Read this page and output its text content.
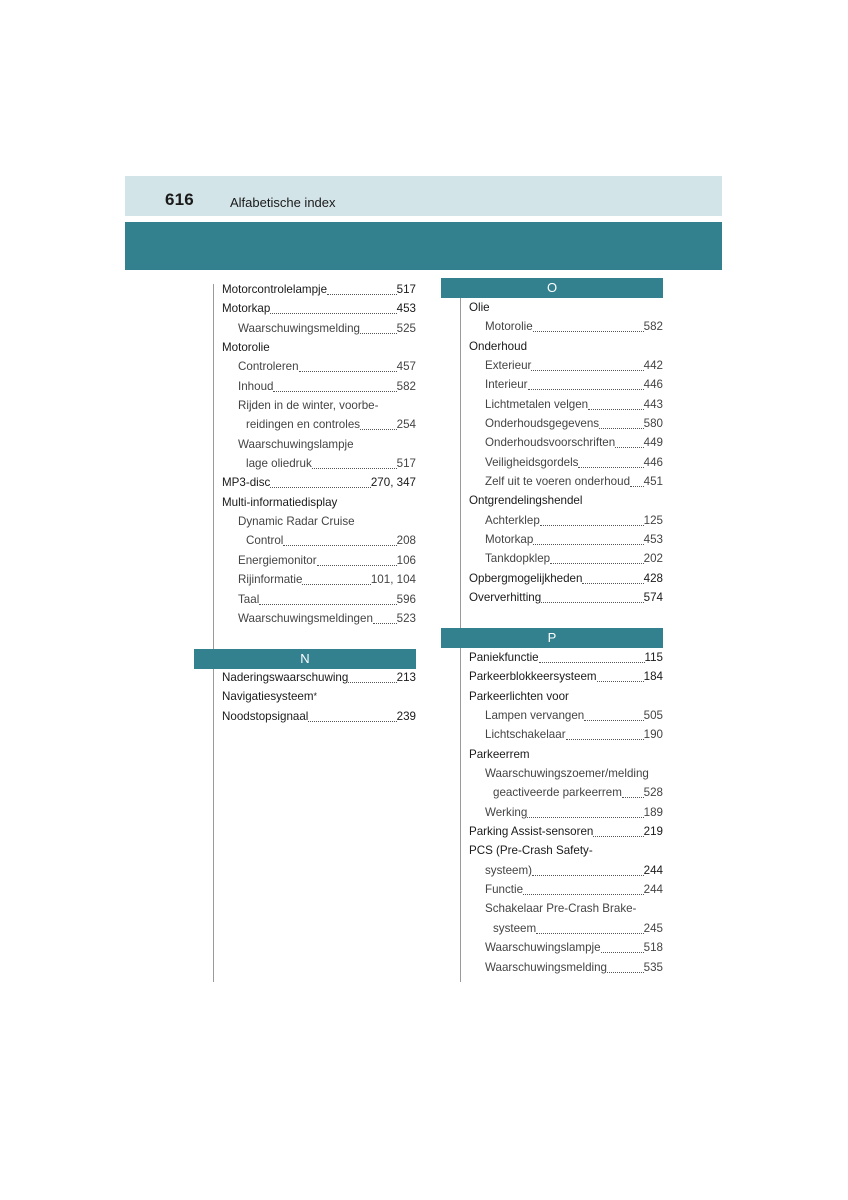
616	Alfabetische index
Motorcontrolelampje	517
Motorkap	453
Waarschuwingsmelding	525
Motorolie
Controleren	457
Inhoud	582
Rijden in de winter, voorbe-
reidingen en controles	254
Waarschuwingslampje
lage oliedruk	517
MP3-disc	270, 347
Multi-informatiedisplay
Dynamic Radar Cruise
Control	208
Energiemonitor	106
Rijinformatie	101, 104
Taal	596
Waarschuwingsmeldingen 523
N
Naderingswaarschuwing	213
Navigatiesysteem *
Noodstopsignaal	239
O
Olie
Motorolie	582
Onderhoud
Exterieur	442
Interieur	446
Lichtmetalen velgen	443
Onderhoudsgegevens	580
Onderhoudsvoorschriften 449
Veiligheidsgordels	446
Zelf uit te voeren onderhoud 451
Ontgrendelingshendel
Achterklep	125
Motorkap	453
Tankdopklep	202
Opbergmogelijkheden	428
Oververhitting	574
P
Paniekfunctie	115
Parkeerblokkeersysteem	184
Parkeerlichten voor
Lampen vervangen	505
Lichtschakelaar	190
Parkeerrem
Waarschuwingszoemer/melding
geactiveerde parkeerrem 528
Werking	189
Parking Assist-sensoren	219
PCS (Pre-Crash Safety-
systeem)	244
Functie	244
Schakelaar Pre-Crash Brake-
systeem	245
Waarschuwingslampje	518
Waarschuwingsmelding	535
